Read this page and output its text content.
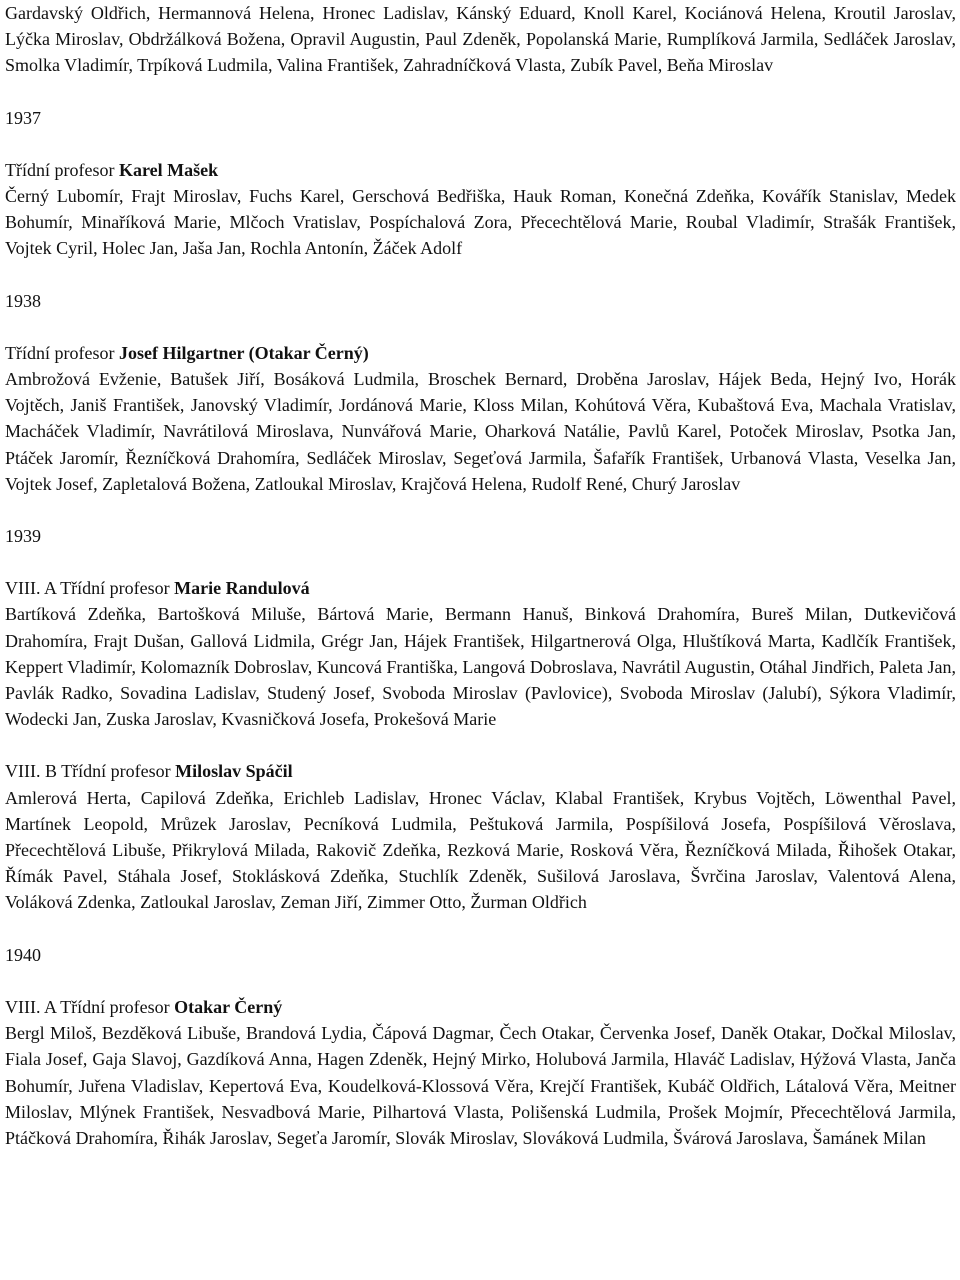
Gardavský Oldřich, Hermannová Helena, Hronec Ladislav, Kánský Eduard, Knoll Karel, Kociánová Helena, Kroutil Jaroslav, Lýčka Miroslav, Obdržálková Božena, Opravil Augustin, Paul Zdeněk, Popolanská Marie, Rumplíková Jarmila, Sedláček Jaroslav, Smolka Vladimír, Trpíková Ludmila, Valina František, Zahradníčková Vlasta, Zubík Pavel, Beňa Miroslav

1937

Třídní profesor Karel Mašek

Černý Lubomír, Frajt Miroslav, Fuchs Karel, Gerschová Bedřiška, Hauk Roman, Konečná Zdeňka, Kovářík Stanislav, Medek Bohumír, Minaříková Marie, Mlčoch Vratislav, Pospíchalová Zora, Přecechtělová Marie, Roubal Vladimír, Strašák František, Vojtek Cyril, Holec Jan, Jaša Jan, Rochla Antonín, Žáček Adolf

1938

Třídní profesor Josef Hilgartner (Otakar Černý)

Ambrožová Evženie, Batušek Jiří, Bosáková Ludmila, Broschek Bernard, Droběna Jaroslav, Hájek Beda, Hejný Ivo, Horák Vojtěch, Janiš František, Janovský Vladimír, Jordánová Marie, Kloss Milan, Kohútová Věra, Kubaštová Eva, Machala Vratislav, Macháček Vladimír, Navrátilová Miroslava, Nunvářová Marie, Oharková Natálie, Pavlů Karel, Potoček Miroslav, Psotka Jan, Ptáček Jaromír, Řezníčková Drahomíra, Sedláček Miroslav, Segeťová Jarmila, Šafařík František, Urbanová Vlasta, Veselka Jan, Vojtek Josef, Zapletalová Božena, Zatloukal Miroslav, Krajčová Helena, Rudolf René, Churý Jaroslav

1939

VIII. A Třídní profesor Marie Randulová

Bartíková Zdeňka, Bartošková Miluše, Bártová Marie, Bermann Hanuš, Binková Drahomíra, Bureš Milan, Dutkevičová Drahomíra, Frajt Dušan, Gallová Lidmila, Grégr Jan, Hájek František, Hilgartnerová Olga, Hluštíková Marta, Kadlčík František, Keppert Vladimír, Kolomazník Dobroslav, Kuncová Františka, Langová Dobroslava, Navrátil Augustin, Otáhal Jindřich, Paleta Jan, Pavlák Radko, Sovadina Ladislav, Studený Josef, Svoboda Miroslav (Pavlovice), Svoboda Miroslav (Jalubí), Sýkora Vladimír, Wodecki Jan, Zuska Jaroslav, Kvasničková Josefa, Prokešová Marie

VIII. B Třídní profesor Miloslav Spáčil

Amlerová Herta, Capilová Zdeňka, Erichleb Ladislav, Hronec Václav, Klabal František, Krybus Vojtěch, Löwenthal Pavel, Martínek Leopold, Mrůzek Jaroslav, Pecníková Ludmila, Peštuková Jarmila, Pospíšilová Josefa, Pospíšilová Věroslava, Přecechtělová Libuše, Přikrylová Milada, Rakovič Zdeňka, Rezková Marie, Rosková Věra, Řezníčková Milada, Řihošek Otakar, Římák Pavel, Stáhala Josef, Stoklásková Zdeňka, Stuchlík Zdeněk, Sušilová Jaroslava, Švrčina Jaroslav, Valentová Alena, Voláková Zdenka, Zatloukal Jaroslav, Zeman Jiří, Zimmer Otto, Žurman Oldřich

1940

VIII. A Třídní profesor Otakar Černý

Bergl Miloš, Bezděková Libuše, Brandová Lydia, Čápová Dagmar, Čech Otakar, Červenka Josef, Daněk Otakar, Dočkal Miloslav, Fiala Josef, Gaja Slavoj, Gazdíková Anna, Hagen Zdeněk, Hejný Mirko, Holubová Jarmila, Hlaváč Ladislav, Hýžová Vlasta, Janča Bohumír, Juřena Vladislav, Kepertová Eva, Koudelková-Klossová Věra, Krejčí František, Kubáč Oldřich, Látalová Věra, Meitner Miloslav, Mlýnek František, Nesvadbová Marie, Pilhartová Vlasta, Polišenská Ludmila, Prošek Mojmír, Přecechtělová Jarmila, Ptáčková Drahomíra, Řihák Jaroslav, Segeťa Jaromír, Slovák Miroslav, Slováková Ludmila, Švárová Jaroslava, Šamánek Milan
